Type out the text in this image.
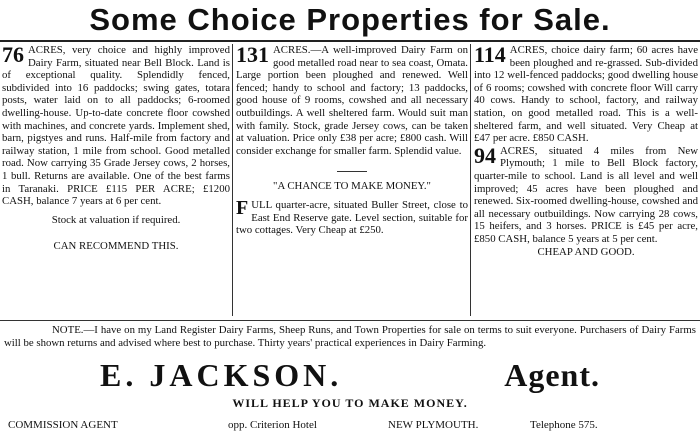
Some Choice Properties for Sale.
76 ACRES, very choice and highly improved Dairy Farm, situated near Bell Block. Land is of exceptional quality. Splendidly fenced, subdivided into 16 paddocks; swing gates, totara posts, water laid on to all paddocks; 6-roomed dwelling-house. Up-to-date concrete floor cowshed with machines, and concrete yards. Implement shed, barn, pigstyes and runs. Half-mile from factory and railway station, 1 mile from school. Good metalled road. Now carrying 35 Grade Jersey cows, 2 horses, 1 bull. Returns are available. One of the best farms in Taranaki. PRICE £115 PER ACRE; £1200 CASH, balance 7 years at 6 per cent.

Stock at valuation if required.

CAN RECOMMEND THIS.

131 ACRES.—A well-improved Dairy Farm on good metalled road near to sea coast, Omata. Large portion been ploughed and renewed. Well fenced; handy to school and factory; 13 paddocks, good house of 9 rooms, cowshed and all necessary outbuildings. A well sheltered farm. Would suit man with family. Stock, grade Jersey cows, can be taken at valuation. Price only £38 per acre; £800 cash. Will consider exchange for smaller farm. Splendid value.

"A CHANCE TO MAKE MONEY."

F ULL quarter-acre, situated Buller Street, close to East End Reserve gate. Level section, suitable for two cottages. Very Cheap at £250.

114 ACRES, choice dairy farm; 60 acres have been ploughed and re-grassed. Sub-divided into 12 well-fenced paddocks; good dwelling house of 6 rooms; cowshed with concrete floor Will carry 40 cows. Handy to school, factory, and railway station, on good metalled road. This is a well-sheltered farm, and well situated. Very Cheap at £47 per acre. £850 CASH.

94 ACRES, situated 4 miles from New Plymouth; 1 mile to Bell Block factory, quarter-mile to school. Land is all level and well improved; 45 acres have been ploughed and renewed. Six-roomed dwelling-house, cowshed and all necessary outbuildings. Now carrying 28 cows, 15 heifers, and 3 horses. PRICE is £45 per acre, £850 CASH, balance 5 years at 5 per cent.

CHEAP AND GOOD.

NOTE.—I have on my Land Register Dairy Farms, Sheep Runs, and Town Properties for sale on terms to suit everyone. Purchasers of Dairy Farms will be shown returns and advised where best to purchase. Thirty years' practical experiences in Dairy Farming.

E. JACKSON.	Agent.
WILL HELP YOU TO MAKE MONEY.
COMMISSION AGENT	opp. Criterion Hotel	NEW PLYMOUTH.	Telephone 575.
